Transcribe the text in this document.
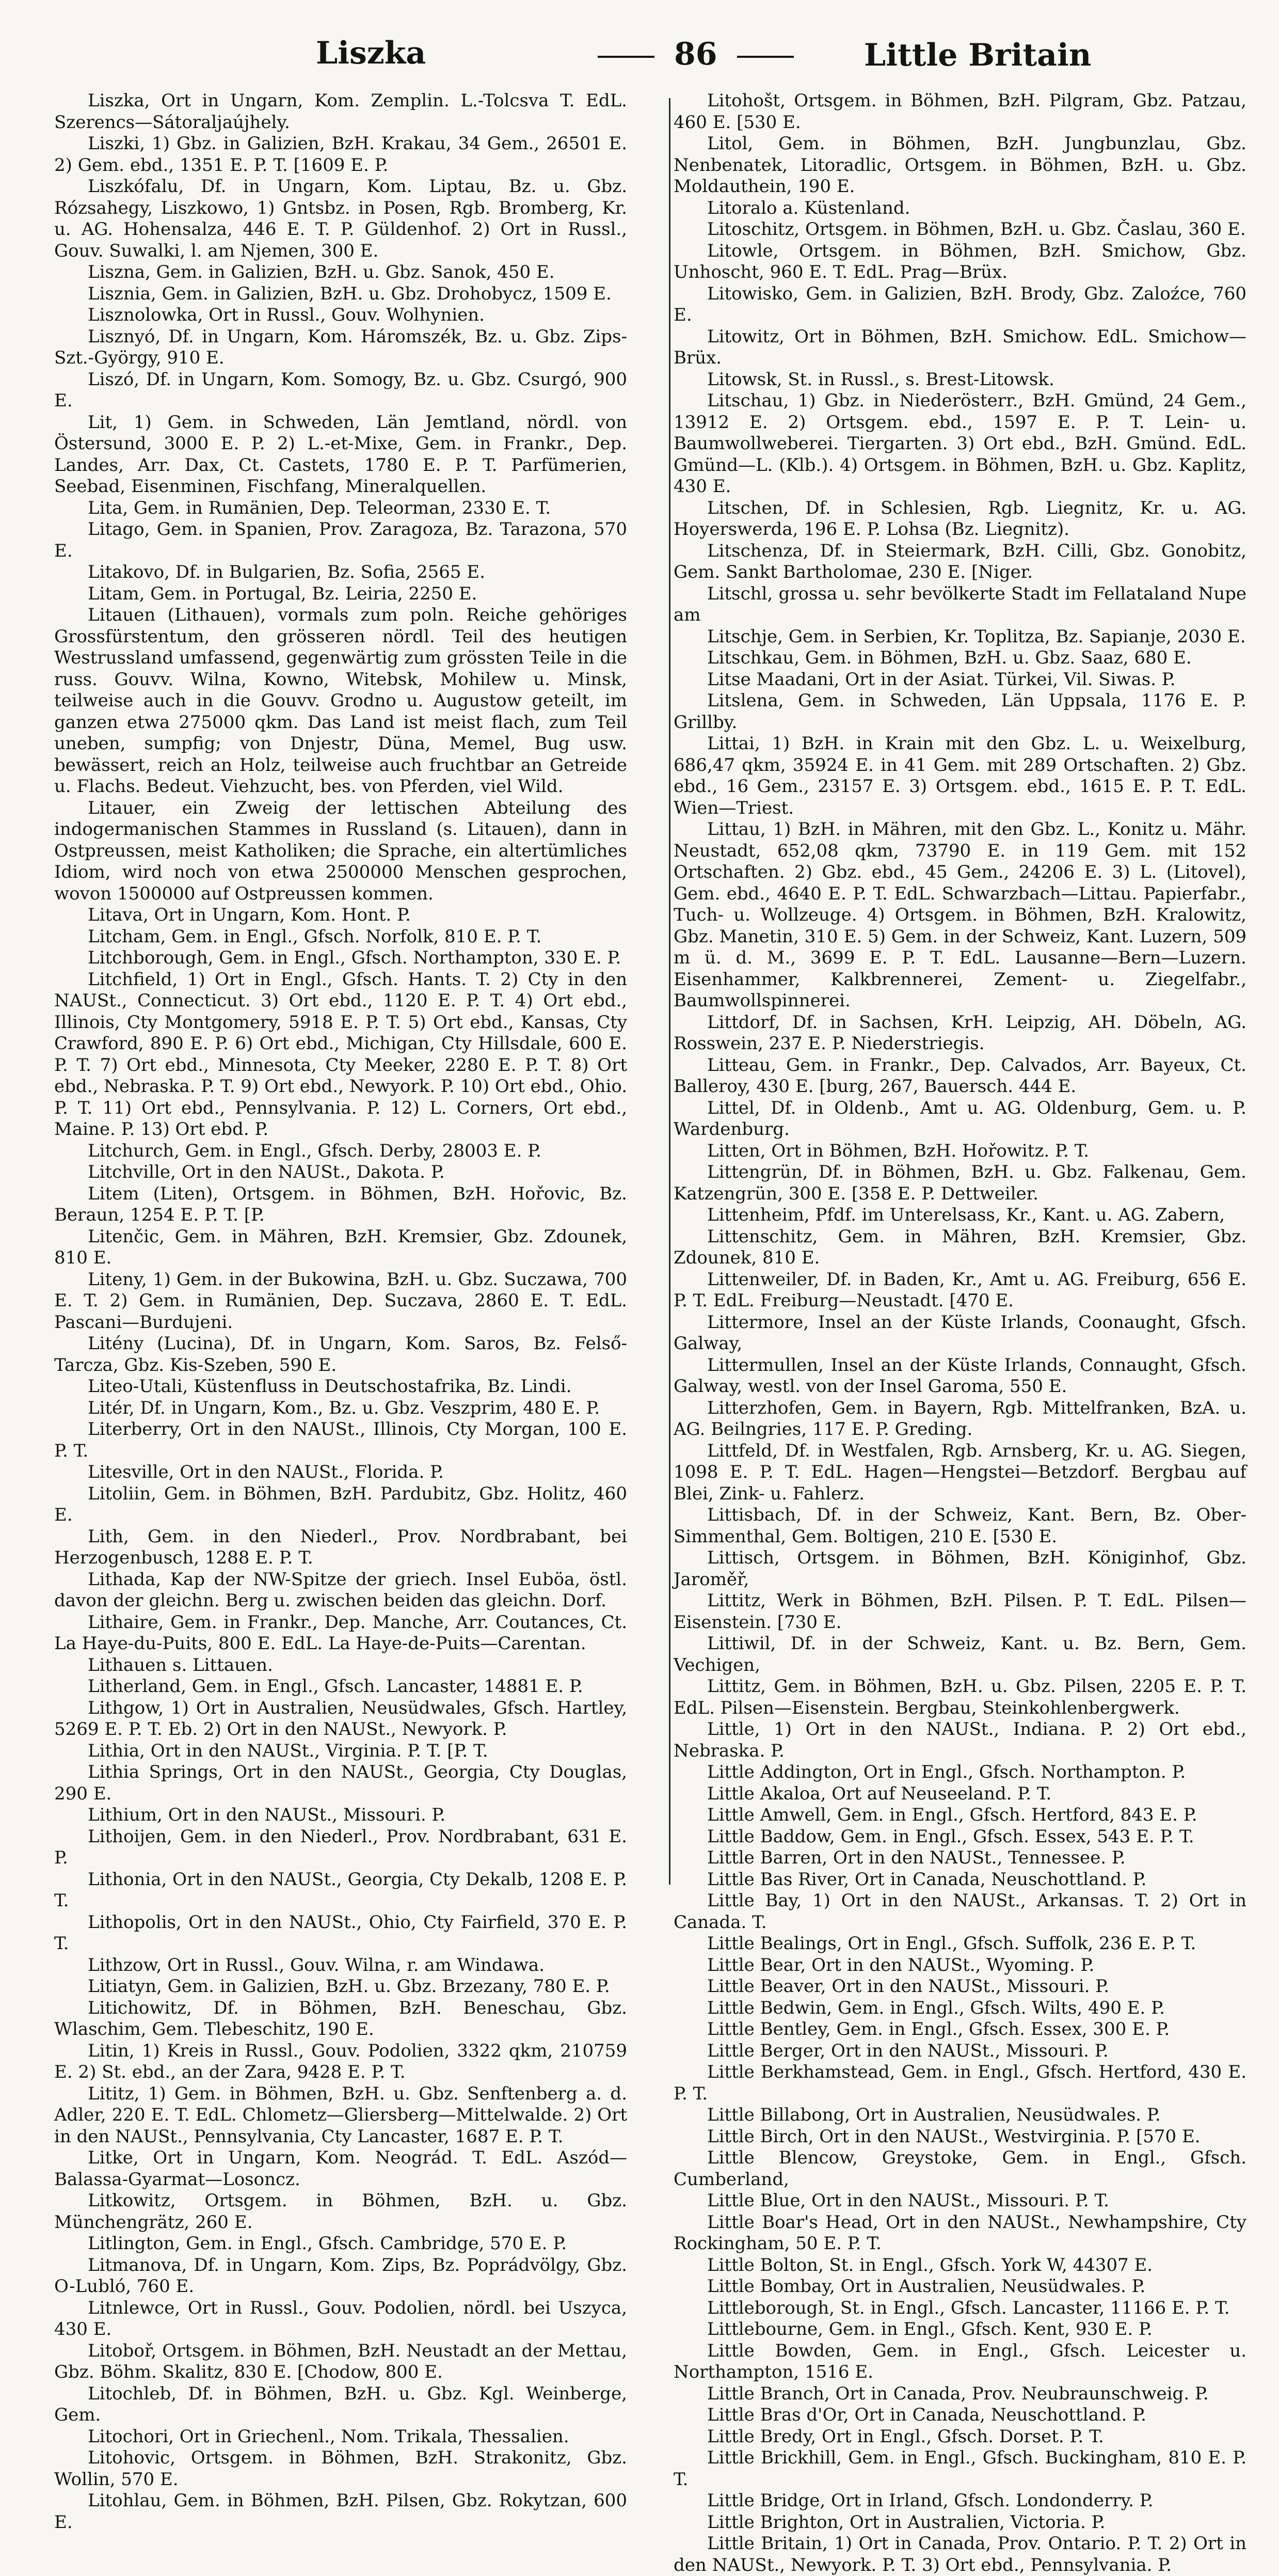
Liszka	86	Little Britain

Liszka, Ort in Ungarn, Kom. Zemplin. L.-Tolcsva T. EdL. Szerencs—Sátoraljaújhely.

Liszki, 1) Gbz. in Galizien, BzH. Krakau, 34 Gem., 26501 E. 2) Gem. ebd., 1351 E. P. T. [1609 E. P.

Liszkófalu, Df. in Ungarn, Kom. Liptau, Bz. u. Gbz. Rózsahegy, Liszkowo, 1) Gntsbz. in Posen, Rgb. Bromberg, Kr. u. AG. Hohensalza, 446 E. T. P. Güldenhof. 2) Ort in Russl., Gouv. Suwalki, l. am Njemen, 300 E.

Liszna, Gem. in Galizien, BzH. u. Gbz. Sanok, 450 E.

Lisznia, Gem. in Galizien, BzH. u. Gbz. Drohobycz, 1509 E.

Lisznolowka, Ort in Russl., Gouv. Wolhynien.

Lisznyó, Df. in Ungarn, Kom. Háromszék, Bz. u. Gbz. Zips-Szt.-György, 910 E.

Liszó, Df. in Ungarn, Kom. Somogy, Bz. u. Gbz. Csurgó, 900 E.

Lit, 1) Gem. in Schweden, Län Jemtland, nördl. von Östersund, 3000 E. P. 2) L.-et-Mixe, Gem. in Frankr., Dep. Landes, Arr. Dax, Ct. Castets, 1780 E. P. T. Parfümerien, Seebad, Eisenminen, Fischfang, Mineralquellen.

Lita, Gem. in Rumänien, Dep. Teleorman, 2330 E. T.

Litago, Gem. in Spanien, Prov. Zaragoza, Bz. Tarazona, 570 E.

Litakovo, Df. in Bulgarien, Bz. Sofia, 2565 E.

Litam, Gem. in Portugal, Bz. Leiria, 2250 E.

Litauen (Lithauen), vormals zum poln. Reiche gehöriges Grossfürstentum, den grösseren nördl. Teil des heutigen Westrussland umfassend, gegenwärtig zum grössten Teile in die russ. Gouvv. Wilna, Kowno, Witebsk, Mohilew u. Minsk, teilweise auch in die Gouvv. Grodno u. Augustow geteilt, im ganzen etwa 275000 qkm. Das Land ist meist flach, zum Teil uneben, sumpfig; von Dnjestr, Düna, Memel, Bug usw. bewässert, reich an Holz, teilweise auch fruchtbar an Getreide u. Flachs. Bedeut. Viehzucht, bes. von Pferden, viel Wild.

Litauer, ein Zweig der lettischen Abteilung des indogermanischen Stammes in Russland (s. Litauen), dann in Ostpreussen, meist Katholiken; die Sprache, ein altertümliches Idiom, wird noch von etwa 2500000 Menschen gesprochen, wovon 1500000 auf Ostpreussen kommen.

Litava, Ort in Ungarn, Kom. Hont. P.

Litcham, Gem. in Engl., Gfsch. Norfolk, 810 E. P. T.

Litchborough, Gem. in Engl., Gfsch. Northampton, 330 E. P.

Litchfield, 1) Ort in Engl., Gfsch. Hants. T. 2) Cty in den NAUSt., Connecticut. 3) Ort ebd., 1120 E. P. T. 4) Ort ebd., Illinois, Cty Montgomery, 5918 E. P. T. 5) Ort ebd., Kansas, Cty Crawford, 890 E. P. 6) Ort ebd., Michigan, Cty Hillsdale, 600 E. P. T. 7) Ort ebd., Minnesota, Cty Meeker, 2280 E. P. T. 8) Ort ebd., Nebraska. P. T. 9) Ort ebd., Newyork. P. 10) Ort ebd., Ohio. P. T. 11) Ort ebd., Pennsylvania. P. 12) L. Corners, Ort ebd., Maine. P. 13) Ort ebd. P.

Litchurch, Gem. in Engl., Gfsch. Derby, 28003 E. P.

Litchville, Ort in den NAUSt., Dakota. P.

Litem (Liten), Ortsgem. in Böhmen, BzH. Hořovic, Bz. Beraun, 1254 E. P. T. [P.

Litenčic, Gem. in Mähren, BzH. Kremsier, Gbz. Zdounek, 810 E.

Liteny, 1) Gem. in der Bukowina, BzH. u. Gbz. Suczawa, 700 E. T. 2) Gem. in Rumänien, Dep. Suczava, 2860 E. T. EdL. Pascani—Burdujeni.

Litény (Lucina), Df. in Ungarn, Kom. Saros, Bz. Felső-Tarcza, Gbz. Kis-Szeben, 590 E.

Liteo-Utali, Küstenfluss in Deutschostafrika, Bz. Lindi.

Litér, Df. in Ungarn, Kom., Bz. u. Gbz. Veszprim, 480 E. P.

Literberry, Ort in den NAUSt., Illinois, Cty Morgan, 100 E. P. T.

Litesville, Ort in den NAUSt., Florida. P.

Litoliin, Gem. in Böhmen, BzH. Pardubitz, Gbz. Holitz, 460 E.

Lith, Gem. in den Niederl., Prov. Nordbrabant, bei Herzogenbusch, 1288 E. P. T.

Lithada, Kap der NW-Spitze der griech. Insel Euböa, östl. davon der gleichn. Berg u. zwischen beiden das gleichn. Dorf.

Lithaire, Gem. in Frankr., Dep. Manche, Arr. Coutances, Ct. La Haye-du-Puits, 800 E. EdL. La Haye-de-Puits—Carentan.

Lithauen s. Littauen.

Litherland, Gem. in Engl., Gfsch. Lancaster, 14881 E. P.

Lithgow, 1) Ort in Australien, Neusüdwales, Gfsch. Hartley, 5269 E. P. T. Eb. 2) Ort in den NAUSt., Newyork. P.

Lithia, Ort in den NAUSt., Virginia. P. T. [P. T.

Lithia Springs, Ort in den NAUSt., Georgia, Cty Douglas, 290 E.

Lithium, Ort in den NAUSt., Missouri. P.

Lithoijen, Gem. in den Niederl., Prov. Nordbrabant, 631 E. P.

Lithonia, Ort in den NAUSt., Georgia, Cty Dekalb, 1208 E. P. T.

Lithopolis, Ort in den NAUSt., Ohio, Cty Fairfield, 370 E. P. T.

Lithzow, Ort in Russl., Gouv. Wilna, r. am Windawa.

Litiatyn, Gem. in Galizien, BzH. u. Gbz. Brzezany, 780 E. P.

Litichowitz, Df. in Böhmen, BzH. Beneschau, Gbz. Wlaschim, Gem. Tlebeschitz, 190 E.

Litin, 1) Kreis in Russl., Gouv. Podolien, 3322 qkm, 210759 E. 2) St. ebd., an der Zara, 9428 E. P. T.

Lititz, 1) Gem. in Böhmen, BzH. u. Gbz. Senftenberg a. d. Adler, 220 E. T. EdL. Chlometz—Gliersberg—Mittelwalde. 2) Ort in den NAUSt., Pennsylvania, Cty Lancaster, 1687 E. P. T.

Litke, Ort in Ungarn, Kom. Neográd. T. EdL. Aszód—Balassa-Gyarmat—Losoncz.

Litkowitz, Ortsgem. in Böhmen, BzH. u. Gbz. Münchengrätz, 260 E.

Litlington, Gem. in Engl., Gfsch. Cambridge, 570 E. P.

Litmanova, Df. in Ungarn, Kom. Zips, Bz. Poprádvölgy, Gbz. O-Lubló, 760 E.

Litnlewce, Ort in Russl., Gouv. Podolien, nördl. bei Uszyca, 430 E.

Litoboř, Ortsgem. in Böhmen, BzH. Neustadt an der Mettau, Gbz. Böhm. Skalitz, 830 E. [Chodow, 800 E.

Litochleb, Df. in Böhmen, BzH. u. Gbz. Kgl. Weinberge, Gem.

Litochori, Ort in Griechenl., Nom. Trikala, Thessalien.

Litohovic, Ortsgem. in Böhmen, BzH. Strakonitz, Gbz. Wollin, 570 E.

Litohlau, Gem. in Böhmen, BzH. Pilsen, Gbz. Rokytzan, 600 E.

Litohošt, Ortsgem. in Böhmen, BzH. Pilgram, Gbz. Patzau, 460 E. [530 E.

Litol, Gem. in Böhmen, BzH. Jungbunzlau, Gbz. Nenbenatek, Litoradlic, Ortsgem. in Böhmen, BzH. u. Gbz. Moldauthein, 190 E.

Litoralo a. Küstenland.

Litoschitz, Ortsgem. in Böhmen, BzH. u. Gbz. Časlau, 360 E.

Litowle, Ortsgem. in Böhmen, BzH. Smichow, Gbz. Unhoscht, 960 E. T. EdL. Prag—Brüx.

Litowisko, Gem. in Galizien, BzH. Brody, Gbz. Zaloźce, 760 E.

Litowitz, Ort in Böhmen, BzH. Smichow. EdL. Smichow—Brüx.

Litowsk, St. in Russl., s. Brest-Litowsk.

Litschau, 1) Gbz. in Niederösterr., BzH. Gmünd, 24 Gem., 13912 E. 2) Ortsgem. ebd., 1597 E. P. T. Lein- u. Baumwollweberei. Tiergarten. 3) Ort ebd., BzH. Gmünd. EdL. Gmünd—L. (Klb.). 4) Ortsgem. in Böhmen, BzH. u. Gbz. Kaplitz, 430 E.

Litschen, Df. in Schlesien, Rgb. Liegnitz, Kr. u. AG. Hoyerswerda, 196 E. P. Lohsa (Bz. Liegnitz).

Litschenza, Df. in Steiermark, BzH. Cilli, Gbz. Gonobitz, Gem. Sankt Bartholomae, 230 E. [Niger.

Litschl, grossa u. sehr bevölkerte Stadt im Fellataland Nupe am

Litschje, Gem. in Serbien, Kr. Toplitza, Bz. Sapianje, 2030 E.

Litschkau, Gem. in Böhmen, BzH. u. Gbz. Saaz, 680 E.

Litse Maadani, Ort in der Asiat. Türkei, Vil. Siwas. P.

Litslena, Gem. in Schweden, Län Uppsala, 1176 E. P. Grillby.

Littai, 1) BzH. in Krain mit den Gbz. L. u. Weixelburg, 686,47 qkm, 35924 E. in 41 Gem. mit 289 Ortschaften. 2) Gbz. ebd., 16 Gem., 23157 E. 3) Ortsgem. ebd., 1615 E. P. T. EdL. Wien—Triest.

Littau, 1) BzH. in Mähren, mit den Gbz. L., Konitz u. Mähr. Neustadt, 652,08 qkm, 73790 E. in 119 Gem. mit 152 Ortschaften. 2) Gbz. ebd., 45 Gem., 24206 E. 3) L. (Litovel), Gem. ebd., 4640 E. P. T. EdL. Schwarzbach—Littau. Papierfabr., Tuch- u. Wollzeuge. 4) Ortsgem. in Böhmen, BzH. Kralowitz, Gbz. Manetin, 310 E. 5) Gem. in der Schweiz, Kant. Luzern, 509 m ü. d. M., 3699 E. P. T. EdL. Lausanne—Bern—Luzern. Eisenhammer, Kalkbrennerei, Zement- u. Ziegelfabr., Baumwollspinnerei.

Littdorf, Df. in Sachsen, KrH. Leipzig, AH. Döbeln, AG. Rosswein, 237 E. P. Niederstriegis.

Litteau, Gem. in Frankr., Dep. Calvados, Arr. Bayeux, Ct. Balleroy, 430 E. [burg, 267, Bauersch. 444 E.

Littel, Df. in Oldenb., Amt u. AG. Oldenburg, Gem. u. P. Wardenburg.

Litten, Ort in Böhmen, BzH. Hořowitz. P. T.

Littengrün, Df. in Böhmen, BzH. u. Gbz. Falkenau, Gem. Katzengrün, 300 E. [358 E. P. Dettweiler.

Littenheim, Pfdf. im Unterelsass, Kr., Kant. u. AG. Zabern,

Littenschitz, Gem. in Mähren, BzH. Kremsier, Gbz. Zdounek, 810 E.

Littenweiler, Df. in Baden, Kr., Amt u. AG. Freiburg, 656 E. P. T. EdL. Freiburg—Neustadt. [470 E.

Littermore, Insel an der Küste Irlands, Coonaught, Gfsch. Galway,

Littermullen, Insel an der Küste Irlands, Connaught, Gfsch. Galway, westl. von der Insel Garoma, 550 E.

Litterzhofen, Gem. in Bayern, Rgb. Mittelfranken, BzA. u. AG. Beilngries, 117 E. P. Greding.

Littfeld, Df. in Westfalen, Rgb. Arnsberg, Kr. u. AG. Siegen, 1098 E. P. T. EdL. Hagen—Hengstei—Betzdorf. Bergbau auf Blei, Zink- u. Fahlerz.

Littisbach, Df. in der Schweiz, Kant. Bern, Bz. Ober-Simmenthal, Gem. Boltigen, 210 E. [530 E.

Littisch, Ortsgem. in Böhmen, BzH. Königinhof, Gbz. Jaroměř,

Littitz, Werk in Böhmen, BzH. Pilsen. P. T. EdL. Pilsen—Eisenstein. [730 E.

Littiwil, Df. in der Schweiz, Kant. u. Bz. Bern, Gem. Vechigen,

Littitz, Gem. in Böhmen, BzH. u. Gbz. Pilsen, 2205 E. P. T. EdL. Pilsen—Eisenstein. Bergbau, Steinkohlenbergwerk.

Little, 1) Ort in den NAUSt., Indiana. P. 2) Ort ebd., Nebraska. P.

Little Addington, Ort in Engl., Gfsch. Northampton. P.

Little Akaloa, Ort auf Neuseeland. P. T.

Little Amwell, Gem. in Engl., Gfsch. Hertford, 843 E. P.

Little Baddow, Gem. in Engl., Gfsch. Essex, 543 E. P. T.

Little Barren, Ort in den NAUSt., Tennessee. P.

Little Bas River, Ort in Canada, Neuschottland. P.

Little Bay, 1) Ort in den NAUSt., Arkansas. T. 2) Ort in Canada. T.

Little Bealings, Ort in Engl., Gfsch. Suffolk, 236 E. P. T.

Little Bear, Ort in den NAUSt., Wyoming. P.

Little Beaver, Ort in den NAUSt., Missouri. P.

Little Bedwin, Gem. in Engl., Gfsch. Wilts, 490 E. P.

Little Bentley, Gem. in Engl., Gfsch. Essex, 300 E. P.

Little Berger, Ort in den NAUSt., Missouri. P.

Little Berkhamstead, Gem. in Engl., Gfsch. Hertford, 430 E. P. T.

Little Billabong, Ort in Australien, Neusüdwales. P.

Little Birch, Ort in den NAUSt., Westvirginia. P. [570 E.

Little Blencow, Greystoke, Gem. in Engl., Gfsch. Cumberland,

Little Blue, Ort in den NAUSt., Missouri. P. T.

Little Boar's Head, Ort in den NAUSt., Newhampshire, Cty Rockingham, 50 E. P. T.

Little Bolton, St. in Engl., Gfsch. York W, 44307 E.

Little Bombay, Ort in Australien, Neusüdwales. P.

Littleborough, St. in Engl., Gfsch. Lancaster, 11166 E. P. T.

Littlebourne, Gem. in Engl., Gfsch. Kent, 930 E. P.

Little Bowden, Gem. in Engl., Gfsch. Leicester u. Northampton, 1516 E.

Little Branch, Ort in Canada, Prov. Neubraunschweig. P.

Little Bras d'Or, Ort in Canada, Neuschottland. P.

Little Bredy, Ort in Engl., Gfsch. Dorset. P. T.

Little Brickhill, Gem. in Engl., Gfsch. Buckingham, 810 E. P. T.

Little Bridge, Ort in Irland, Gfsch. Londonderry. P.

Little Brighton, Ort in Australien, Victoria. P.

Little Britain, 1) Ort in Canada, Prov. Ontario. P. T. 2) Ort in den NAUSt., Newyork. P. T. 3) Ort ebd., Pennsylvania. P.
